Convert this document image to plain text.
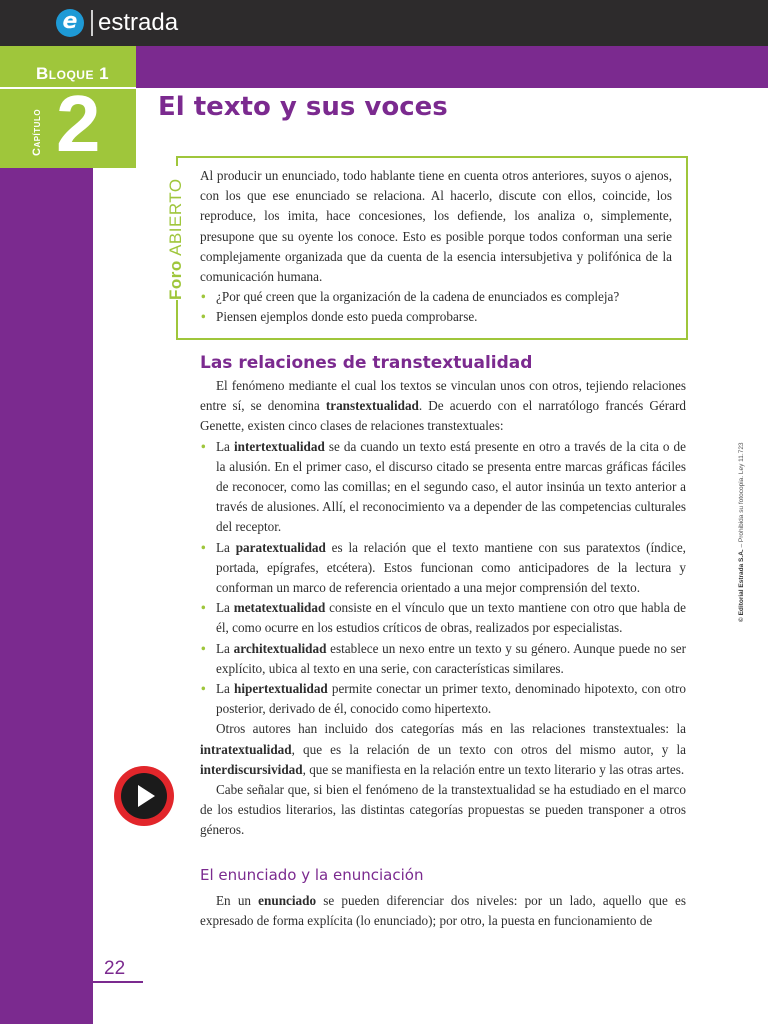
e estrada
Bloque 1
Capítulo 2 El texto y sus voces
Foro ABIERTO

Al producir un enunciado, todo hablante tiene en cuenta otros anteriores, suyos o ajenos, con los que ese enunciado se relaciona. Al hacerlo, discute con ellos, coincide, los reproduce, los imita, hace concesiones, los defiende, los analiza o, simplemente, presupone que su oyente los conoce. Esto es posible porque todos conforman una serie complejamente organizada que da cuenta de la esencia intersubjetiva y polifónica de la comunicación humana.

• ¿Por qué creen que la organización de la cadena de enunciados es compleja?
• Piensen ejemplos donde esto pueda comprobarse.
Las relaciones de transtextualidad

El fenómeno mediante el cual los textos se vinculan unos con otros, tejiendo relaciones entre sí, se denomina transtextualidad. De acuerdo con el narratólogo francés Gérard Genette, existen cinco clases de relaciones transtextuales:

• La intertextualidad se da cuando un texto está presente en otro a través de la cita o de la alusión. En el primer caso, el discurso citado se presenta entre marcas gráficas fáciles de reconocer, como las comillas; en el segundo caso, el autor insinúa un texto anterior a través de alusiones. Allí, el reconocimiento va a depender de las competencias culturales del receptor.
• La paratextualidad es la relación que el texto mantiene con sus paratextos (índice, portada, epígrafes, etcétera). Estos funcionan como anticipadores de la lectura y conforman un marco de referencia orientado a una mejor comprensión del texto.
• La metatextualidad consiste en el vínculo que un texto mantiene con otro que habla de él, como ocurre en los estudios críticos de obras, realizados por especialistas.
• La architextualidad establece un nexo entre un texto y su género. Aunque puede no ser explícito, ubica al texto en una serie, con características similares.
• La hipertextualidad permite conectar un primer texto, denominado hipotexto, con otro posterior, derivado de él, conocido como hipertexto.

Otros autores han incluido dos categorías más en las relaciones transtextuales: la intratextualidad, que es la relación de un texto con otros del mismo autor, y la interdiscursividad, que se manifiesta en la relación entre un texto literario y las otras artes.

Cabe señalar que, si bien el fenómeno de la transtextualidad se ha estudiado en el marco de los estudios literarios, las distintas categorías propuestas se pueden transponer a otros géneros.

El enunciado y la enunciación

En un enunciado se pueden diferenciar dos niveles: por un lado, aquello que es expresado de forma explícita (lo enunciado); por otro, la puesta en funcionamiento de

22
© Editorial Estrada S.A. – Prohibida su fotocopia. Ley 11.723
